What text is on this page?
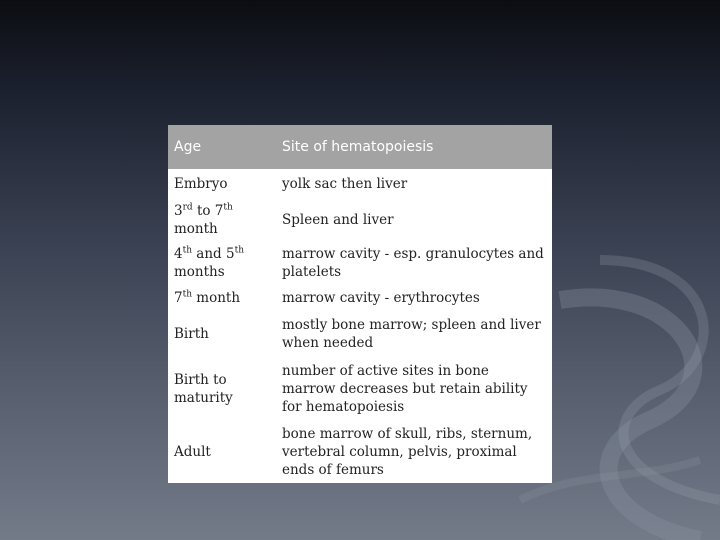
Age	Site of hematopoiesis
Embryo	yolk sac then liver
3rd to 7th month	Spleen and liver
4th and 5th months	marrow cavity - esp. granulocytes and platelets
7th month	marrow cavity - erythrocytes
Birth	mostly bone marrow; spleen and liver when needed
Birth to maturity	number of active sites in bone marrow decreases but retain ability for hematopoiesis
Adult	bone marrow of skull, ribs, sternum, vertebral column, pelvis, proximal ends of femurs
